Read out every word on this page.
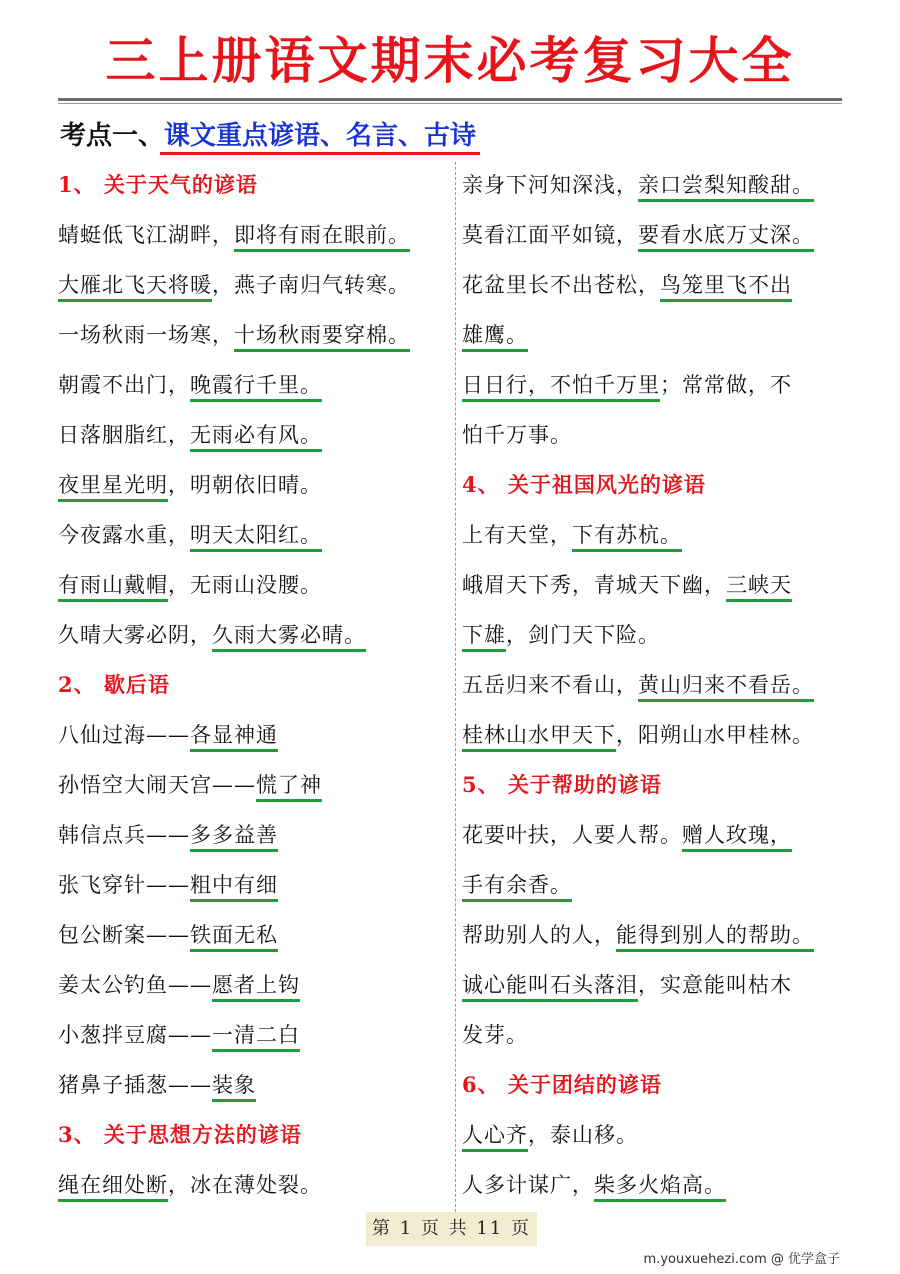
三上册语文期末必考复习大全
考点一、课文重点谚语、名言、古诗
1、 关于天气的谚语
蜻蜓低飞江湖畔，即将有雨在眼前。
大雁北飞天将暖，燕子南归气转寒。
一场秋雨一场寒，十场秋雨要穿棉。
朝霞不出门，晚霞行千里。
日落胭脂红，无雨必有风。
夜里星光明，明朝依旧晴。
今夜露水重，明天太阳红。
有雨山戴帽，无雨山没腰。
久晴大雾必阴，久雨大雾必晴。
2、 歇后语
八仙过海——各显神通
孙悟空大闹天宫——慌了神
韩信点兵——多多益善
张飞穿针——粗中有细
包公断案——铁面无私
姜太公钓鱼——愿者上钩
小葱拌豆腐——一清二白
猪鼻子插葱——装象
3、 关于思想方法的谚语
绳在细处断，冰在薄处裂。
亲身下河知深浅，亲口尝梨知酸甜。
莫看江面平如镜，要看水底万丈深。
花盆里长不出苍松，鸟笼里飞不出
雄鹰。
日日行，不怕千万里；常常做，不
怕千万事。
4、 关于祖国风光的谚语
上有天堂，下有苏杭。
峨眉天下秀，青城天下幽，三峡天
下雄，剑门天下险。
五岳归来不看山，黄山归来不看岳。
桂林山水甲天下，阳朔山水甲桂林。
5、 关于帮助的谚语
花要叶扶，人要人帮。赠人玫瑰，
手有余香。
帮助别人的人，能得到别人的帮助。
诚心能叫石头落泪，实意能叫枯木
发芽。
6、 关于团结的谚语
人心齐，泰山移。
人多计谋广，柴多火焰高。
第 1 页 共 11 页
m.youxuehezi.com @ 优学盒子
